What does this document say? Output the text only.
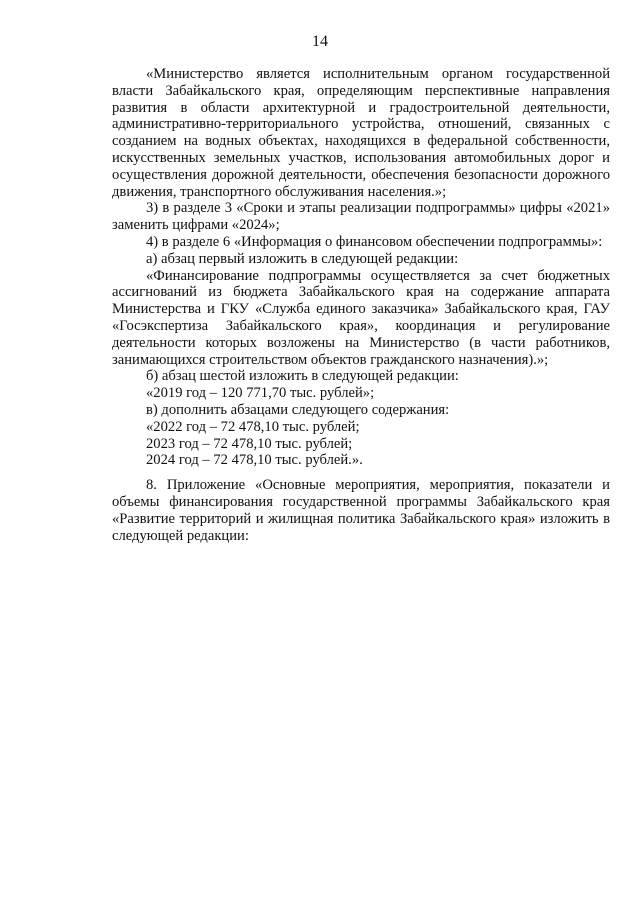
14

«Министерство является исполнительным органом государственной власти Забайкальского края, определяющим перспективные направления развития в области архитектурной и градостроительной деятельности, административно-территориального устройства, отношений, связанных с созданием на водных объектах, находящихся в федеральной собственности, искусственных земельных участков, использования автомобильных дорог и осуществления дорожной деятельности, обеспечения безопасности дорожного движения, транспортного обслуживания населения.»;

3) в разделе 3 «Сроки и этапы реализации подпрограммы» цифры «2021» заменить цифрами «2024»;

4) в разделе 6 «Информация о финансовом обеспечении подпрограммы»:

а) абзац первый изложить в следующей редакции:

«Финансирование подпрограммы осуществляется за счет бюджетных ассигнований из бюджета Забайкальского края на содержание аппарата Министерства и ГКУ «Служба единого заказчика» Забайкальского края, ГАУ «Госэкспертиза Забайкальского края», координация и регулирование деятельности которых возложены на Министерство (в части работников, занимающихся строительством объектов гражданского назначения).»;

б) абзац шестой изложить в следующей редакции:

«2019 год – 120 771,70 тыс. рублей»;

в) дополнить абзацами следующего содержания:

«2022 год – 72 478,10 тыс. рублей;

2023 год – 72 478,10 тыс. рублей;

2024 год – 72 478,10 тыс. рублей.».

8. Приложение «Основные мероприятия, мероприятия, показатели и объемы финансирования государственной программы Забайкальского края «Развитие территорий и жилищная политика Забайкальского края» изложить в следующей редакции:
